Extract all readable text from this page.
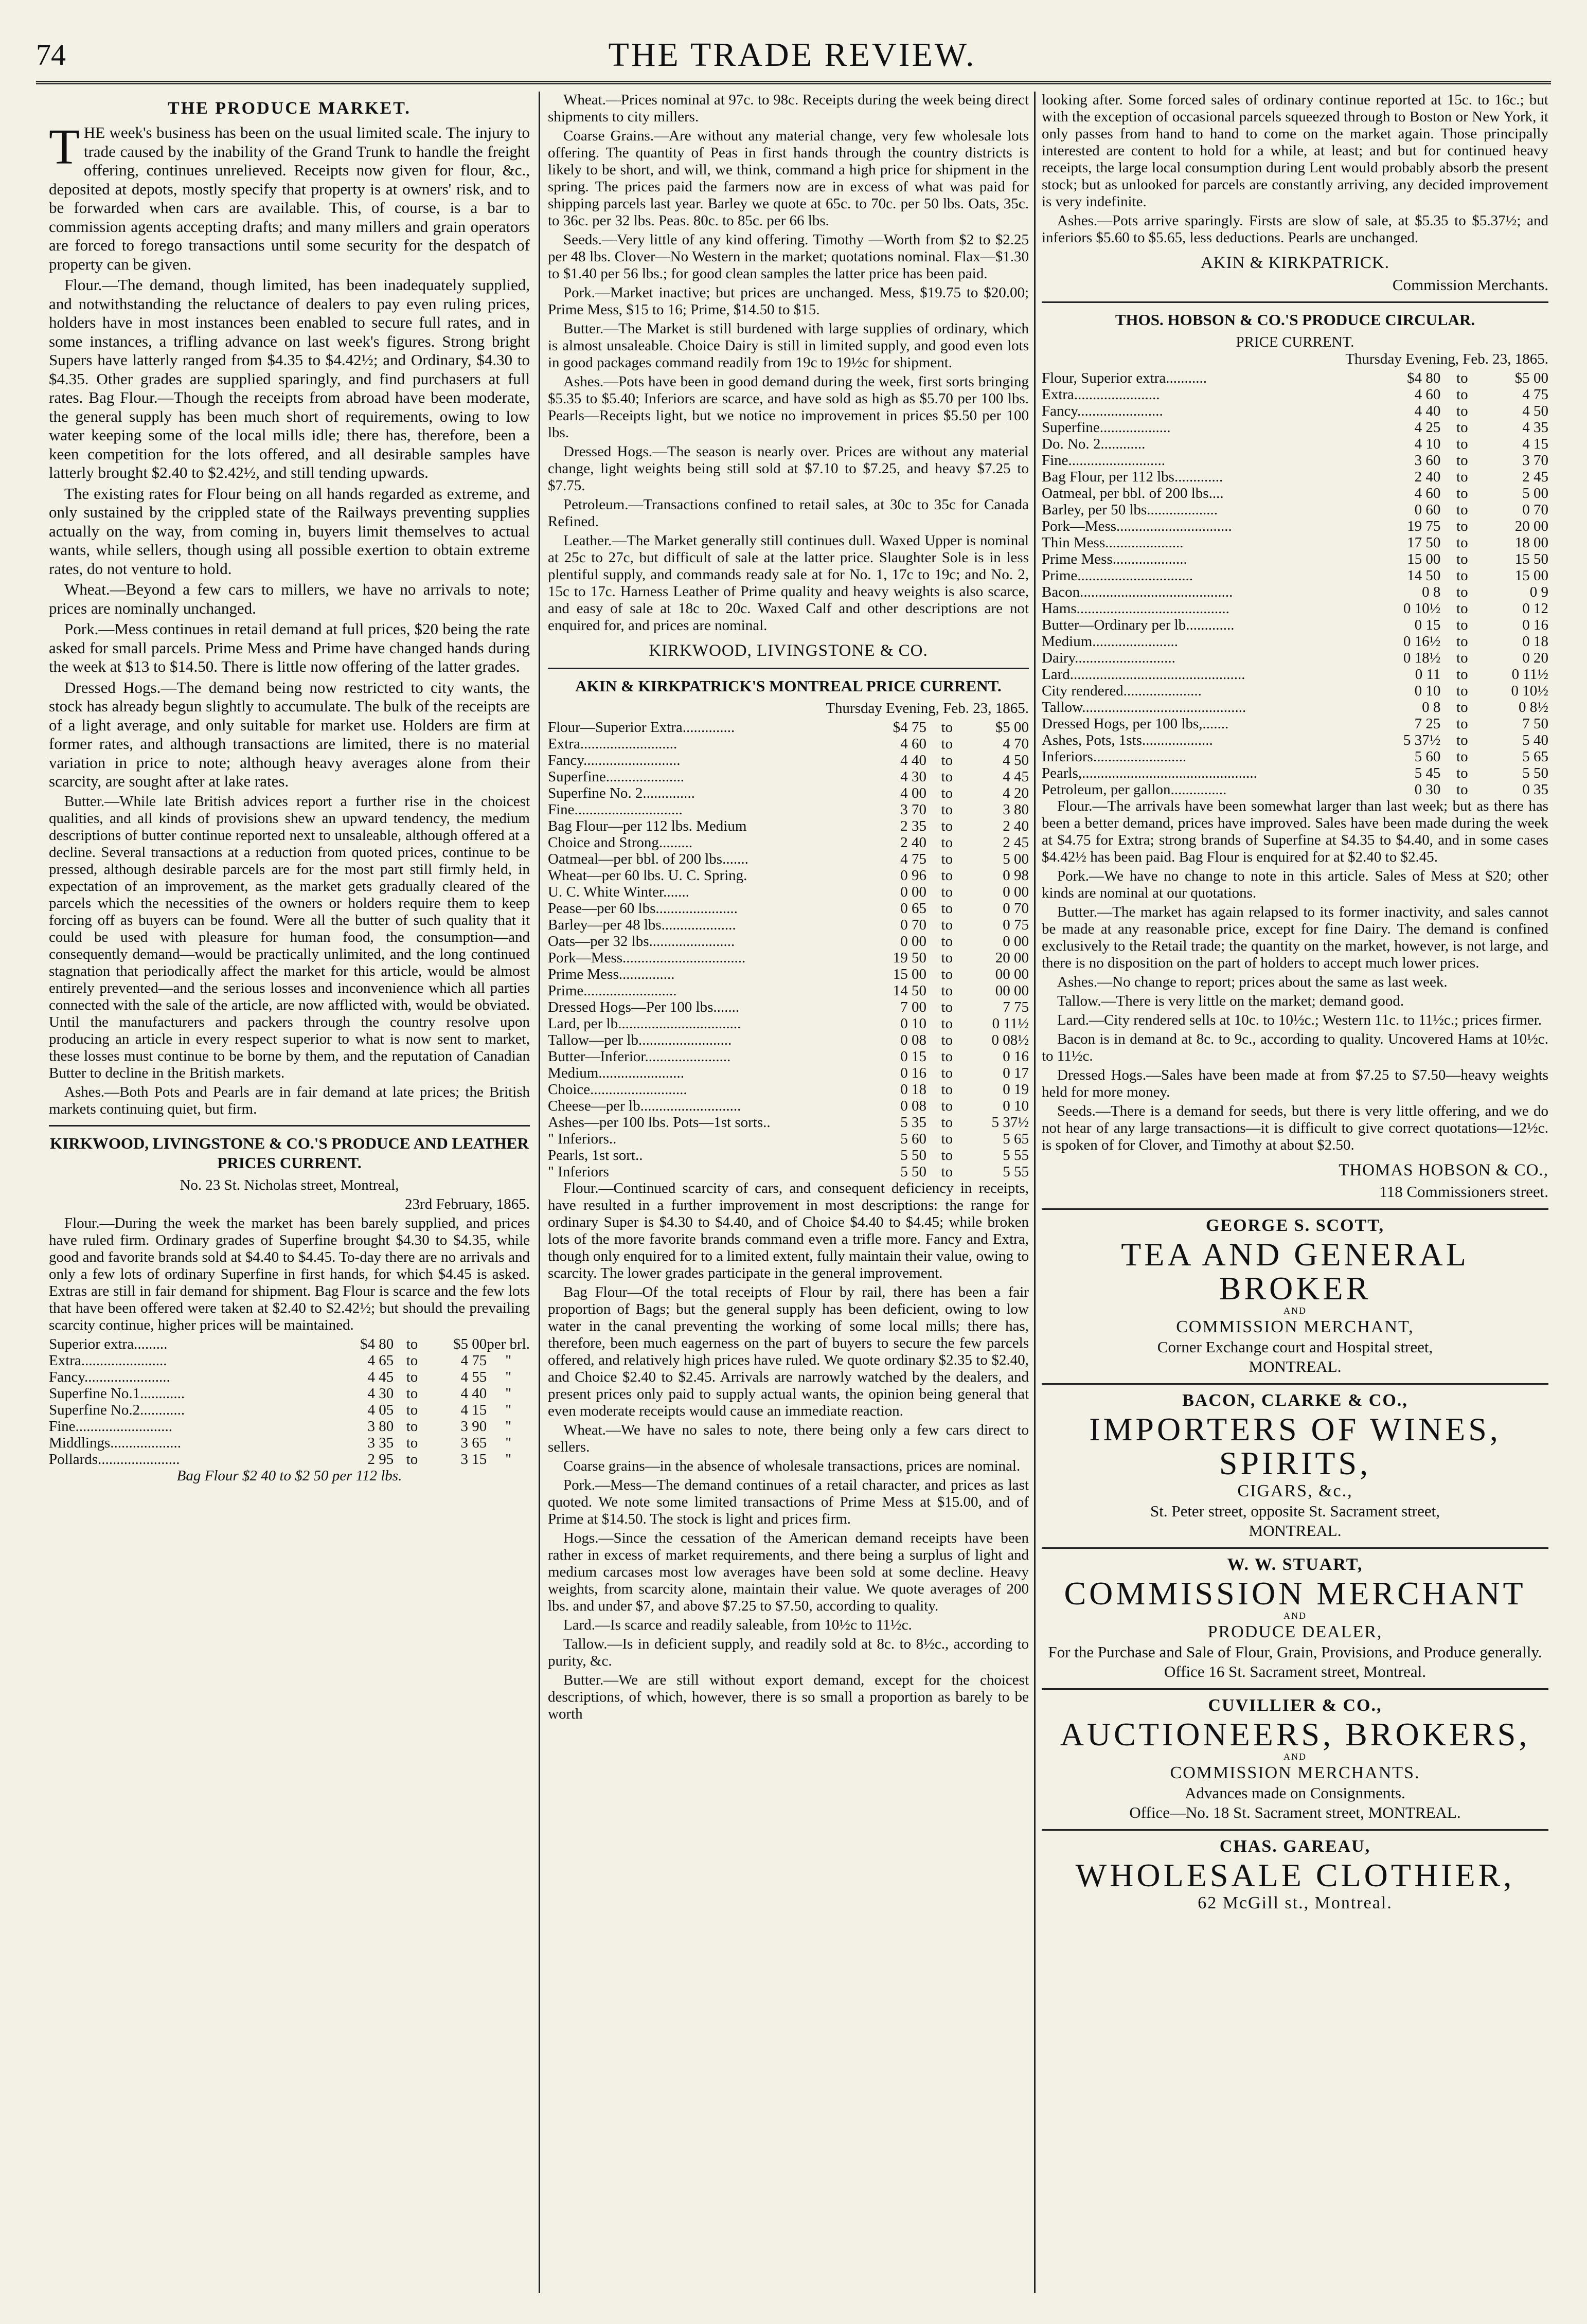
74	THE TRADE REVIEW.
THE PRODUCE MARKET.

THE week's business has been on the usual limited scale. The injury to trade caused by the inability of the Grand Trunk to handle the freight offering, continues unrelieved. Receipts now given for flour, &c., deposited at depots, mostly specify that property is at owners' risk, and to be forwarded when cars are available. This, of course, is a bar to commission agents accepting drafts; and many millers and grain operators are forced to forego transactions until some security for the despatch of property can be given.

Flour.—The demand, though limited, has been inadequately supplied, and notwithstanding the reluctance of dealers to pay even ruling prices, holders have in most instances been enabled to secure full rates, and in some instances, a trifling advance on last week's figures. Strong bright Supers have latterly ranged from $4.35 to $4.42½; and Ordinary, $4.30 to $4.35. Other grades are supplied sparingly, and find purchasers at full rates. Bag Flour.—Though the receipts from abroad have been moderate, the general supply has been much short of requirements, owing to low water keeping some of the local mills idle; there has, therefore, been a keen competition for the lots offered, and all desirable samples have latterly brought $2.40 to $2.42½, and still tending upwards.

The existing rates for Flour being on all hands regarded as extreme, and only sustained by the crippled state of the Railways preventing supplies actually on the way, from coming in, buyers limit themselves to actual wants, while sellers, though using all possible exertion to obtain extreme rates, do not venture to hold.

Wheat.—Beyond a few cars to millers, we have no arrivals to note; prices are nominally unchanged.

Pork.—Mess continues in retail demand at full prices, $20 being the rate asked for small parcels. Prime Mess and Prime have changed hands during the week at $13 to $14.50. There is little now offering of the latter grades.

Dressed Hogs.—The demand being now restricted to city wants, the stock has already begun slightly to accumulate. The bulk of the receipts are of a light average, and only suitable for market use. Holders are firm at former rates, and although transactions are limited, there is no material variation in price to note; although heavy averages alone from their scarcity, are sought after at lake rates.

Butter.—While late British advices report a further rise in the choicest qualities, and all kinds of provisions shew an upward tendency, the medium descriptions of butter continue reported next to unsaleable, although offered at a decline. Several transactions at a reduction from quoted prices, continue to be pressed, although desirable parcels are for the most part still firmly held, in expectation of an improvement, as the market gets gradually cleared of the parcels which the necessities of the owners or holders require them to keep forcing off as buyers can be found. Were all the butter of such quality that it could be used with pleasure for human food, the consumption—and consequently demand—would be practically unlimited, and the long continued stagnation that periodically affect the market for this article, would be almost entirely prevented—and the serious losses and inconvenience which all parties connected with the sale of the article, are now afflicted with, would be obviated. Until the manufacturers and packers through the country resolve upon producing an article in every respect superior to what is now sent to market, these losses must continue to be borne by them, and the reputation of Canadian Butter to decline in the British markets.

Ashes.—Both Pots and Pearls are in fair demand at late prices; the British markets continuing quiet, but firm.

KIRKWOOD, LIVINGSTONE & CO.'S PRODUCE AND LEATHER PRICES CURRENT.

No. 23 St. Nicholas street, Montreal,

23rd February, 1865.

Flour.—During the week the market has been barely supplied, and prices have ruled firm. Ordinary grades of Superfine brought $4.30 to $4.35, while good and favorite brands sold at $4.40 to $4.45. To-day there are no arrivals and only a few lots of ordinary Superfine in first hands, for which $4.45 is asked. Extras are still in fair demand for shipment. Bag Flour is scarce and the few lots that have been offered were taken at $2.40 to $2.42½; but should the prevailing scarcity continue, higher prices will be maintained.

Superior extra.........	$4 80	to	$5 00	per brl.
Extra.......................	4 65	to	4 75	"
Fancy.......................	4 45	to	4 55	"
Superfine No.1............	4 30	to	4 40	"
Superfine No.2............	4 05	to	4 15	"
Fine..........................	3 80	to	3 90	"
Middlings...................	3 35	to	3 65	"
Pollards......................	2 95	to	3 15	"

Bag Flour $2 40 to $2 50 per 112 lbs.

Wheat.—Prices nominal at 97c. to 98c. Receipts during the week being direct shipments to city millers.

Coarse Grains.—Are without any material change, very few wholesale lots offering. The quantity of Peas in first hands through the country districts is likely to be short, and will, we think, command a high price for shipment in the spring. The prices paid the farmers now are in excess of what was paid for shipping parcels last year. Barley we quote at 65c. to 70c. per 50 lbs. Oats, 35c. to 36c. per 32 lbs. Peas. 80c. to 85c. per 66 lbs.

Seeds.—Very little of any kind offering. Timothy —Worth from $2 to $2.25 per 48 lbs. Clover—No Western in the market; quotations nominal. Flax—$1.30 to $1.40 per 56 lbs.; for good clean samples the latter price has been paid.

Pork.—Market inactive; but prices are unchanged. Mess, $19.75 to $20.00; Prime Mess, $15 to 16; Prime, $14.50 to $15.

Butter.—The Market is still burdened with large supplies of ordinary, which is almost unsaleable. Choice Dairy is still in limited supply, and good even lots in good packages command readily from 19c to 19½c for shipment.

Ashes.—Pots have been in good demand during the week, first sorts bringing $5.35 to $5.40; Inferiors are scarce, and have sold as high as $5.70 per 100 lbs. Pearls—Receipts light, but we notice no improvement in prices $5.50 per 100 lbs.

Dressed Hogs.—The season is nearly over. Prices are without any material change, light weights being still sold at $7.10 to $7.25, and heavy $7.25 to $7.75.

Petroleum.—Transactions confined to retail sales, at 30c to 35c for Canada Refined.

Leather.—The Market generally still continues dull. Waxed Upper is nominal at 25c to 27c, but difficult of sale at the latter price. Slaughter Sole is in less plentiful supply, and commands ready sale at for No. 1, 17c to 19c; and No. 2, 15c to 17c. Harness Leather of Prime quality and heavy weights is also scarce, and easy of sale at 18c to 20c. Waxed Calf and other descriptions are not enquired for, and prices are nominal.

KIRKWOOD, LIVINGSTONE & CO.

AKIN & KIRKPATRICK'S MONTREAL PRICE CURRENT.

Thursday Evening, Feb. 23, 1865.

Flour—Superior Extra..............	$4 75	to	$5 00
Extra..........................	4 60	to	4 70
Fancy..........................	4 40	to	4 50
Superfine.....................	4 30	to	4 45
Superfine No. 2..............	4 00	to	4 20
Fine.............................	3 70	to	3 80
Bag Flour—per 112 lbs. Medium	2 35	to	2 40
Choice and Strong.........	2 40	to	2 45
Oatmeal—per bbl. of 200 lbs.......	4 75	to	5 00
Wheat—per 60 lbs. U. C. Spring.	0 96	to	0 98
U. C. White Winter.......	0 00	to	0 00
Pease—per 60 lbs......................	0 65	to	0 70
Barley—per 48 lbs....................	0 70	to	0 75
Oats—per 32 lbs.......................	0 00	to	0 00
Pork—Mess.................................	19 50	to	20 00
Prime Mess...............	15 00	to	00 00
Prime.........................	14 50	to	00 00
Dressed Hogs—Per 100 lbs.......	7 00	to	7 75
Lard, per lb.................................	0 10	to	0 11½
Tallow—per lb.........................	0 08	to	0 08½
Butter—Inferior.......................	0 15	to	0 16
Medium.......................	0 16	to	0 17
Choice..........................	0 18	to	0 19
Cheese—per lb...........................	0 08	to	0 10
Ashes—per 100 lbs. Pots—1st sorts..	5 35	to	5 37½
" Inferiors..	5 60	to	5 65
Pearls, 1st sort..	5 50	to	5 55
" Inferiors	5 50	to	5 55

Flour.—Continued scarcity of cars, and consequent deficiency in receipts, have resulted in a further improvement in most descriptions: the range for ordinary Super is $4.30 to $4.40, and of Choice $4.40 to $4.45; while broken lots of the more favorite brands command even a trifle more. Fancy and Extra, though only enquired for to a limited extent, fully maintain their value, owing to scarcity. The lower grades participate in the general improvement.

Bag Flour—Of the total receipts of Flour by rail, there has been a fair proportion of Bags; but the general supply has been deficient, owing to low water in the canal preventing the working of some local mills; there has, therefore, been much eagerness on the part of buyers to secure the few parcels offered, and relatively high prices have ruled. We quote ordinary $2.35 to $2.40, and Choice $2.40 to $2.45. Arrivals are narrowly watched by the dealers, and present prices only paid to supply actual wants, the opinion being general that even moderate receipts would cause an immediate reaction.

Wheat.—We have no sales to note, there being only a few cars direct to sellers.

Coarse grains—in the absence of wholesale transactions, prices are nominal.

Pork.—Mess—The demand continues of a retail character, and prices as last quoted. We note some limited transactions of Prime Mess at $15.00, and of Prime at $14.50. The stock is light and prices firm.

Hogs.—Since the cessation of the American demand receipts have been rather in excess of market requirements, and there being a surplus of light and medium carcases most low averages have been sold at some decline. Heavy weights, from scarcity alone, maintain their value. We quote averages of 200 lbs. and under $7, and above $7.25 to $7.50, according to quality.

Lard.—Is scarce and readily saleable, from 10½c to 11½c.

Tallow.—Is in deficient supply, and readily sold at 8c. to 8½c., according to purity, &c.

Butter.—We are still without export demand, except for the choicest descriptions, of which, however, there is so small a proportion as barely to be worth

looking after. Some forced sales of ordinary continue reported at 15c. to 16c.; but with the exception of occasional parcels squeezed through to Boston or New York, it only passes from hand to hand to come on the market again. Those principally interested are content to hold for a while, at least; and but for continued heavy receipts, the large local consumption during Lent would probably absorb the present stock; but as unlooked for parcels are constantly arriving, any decided improvement is very indefinite.

Ashes.—Pots arrive sparingly. Firsts are slow of sale, at $5.35 to $5.37½; and inferiors $5.60 to $5.65, less deductions. Pearls are unchanged.

AKIN & KIRKPATRICK.

Commission Merchants.

THOS. HOBSON & CO.'S PRODUCE CIRCULAR.

PRICE CURRENT.

Thursday Evening, Feb. 23, 1865.

Flour, Superior extra...........	$4 80	to	$5 00
Extra.......................	4 60	to	4 75
Fancy.......................	4 40	to	4 50
Superfine...................	4 25	to	4 35
Do. No. 2............	4 10	to	4 15
Fine..........................	3 60	to	3 70
Bag Flour, per 112 lbs.............	2 40	to	2 45
Oatmeal, per bbl. of 200 lbs....	4 60	to	5 00
Barley, per 50 lbs...................	0 60	to	0 70
Pork—Mess...............................	19 75	to	20 00
Thin Mess.....................	17 50	to	18 00
Prime Mess....................	15 00	to	15 50
Prime...............................	14 50	to	15 00
Bacon.........................................	0 8	to	0 9
Hams.........................................	0 10½	to	0 12
Butter—Ordinary per lb.............	0 15	to	0 16
Medium.......................	0 16½	to	0 18
Dairy...........................	0 18½	to	0 20
Lard...............................................	0 11	to	0 11½
City rendered.....................	0 10	to	0 10½
Tallow............................................	0 8	to	0 8½
Dressed Hogs, per 100 lbs,.......	7 25	to	7 50
Ashes, Pots, 1sts...................	5 37½	to	5 40
Inferiors.........................	5 60	to	5 65
Pearls,...............................................	5 45	to	5 50
Petroleum, per gallon...............	0 30	to	0 35

Flour.—The arrivals have been somewhat larger than last week; but as there has been a better demand, prices have improved. Sales have been made during the week at $4.75 for Extra; strong brands of Superfine at $4.35 to $4.40, and in some cases $4.42½ has been paid. Bag Flour is enquired for at $2.40 to $2.45.

Pork.—We have no change to note in this article. Sales of Mess at $20; other kinds are nominal at our quotations.

Butter.—The market has again relapsed to its former inactivity, and sales cannot be made at any reasonable price, except for fine Dairy. The demand is confined exclusively to the Retail trade; the quantity on the market, however, is not large, and there is no disposition on the part of holders to accept much lower prices.

Ashes.—No change to report; prices about the same as last week.

Tallow.—There is very little on the market; demand good.

Lard.—City rendered sells at 10c. to 10½c.; Western 11c. to 11½c.; prices firmer.

Bacon is in demand at 8c. to 9c., according to quality. Uncovered Hams at 10½c. to 11½c.

Dressed Hogs.—Sales have been made at from $7.25 to $7.50—heavy weights held for more money.

Seeds.—There is a demand for seeds, but there is very little offering, and we do not hear of any large transactions—it is difficult to give correct quotations—12½c. is spoken of for Clover, and Timothy at about $2.50.

THOMAS HOBSON & CO.,

118 Commissioners street.

GEORGE S. SCOTT,
TEA AND GENERAL BROKER
AND
COMMISSION MERCHANT,
Corner Exchange court and Hospital street,
MONTREAL.
BACON, CLARKE & CO.,
IMPORTERS OF WINES, SPIRITS,
CIGARS, &c.,
St. Peter street, opposite St. Sacrament street,
MONTREAL.
W. W. STUART,
COMMISSION MERCHANT
AND
PRODUCE DEALER,
For the Purchase and Sale of Flour, Grain, Provisions, and Produce generally.
Office 16 St. Sacrament street, Montreal.
CUVILLIER & CO.,
AUCTIONEERS, BROKERS,
AND
COMMISSION MERCHANTS.
Advances made on Consignments.
Office—No. 18 St. Sacrament street, MONTREAL.
CHAS. GAREAU,
WHOLESALE CLOTHIER,
62 McGill st., Montreal.
